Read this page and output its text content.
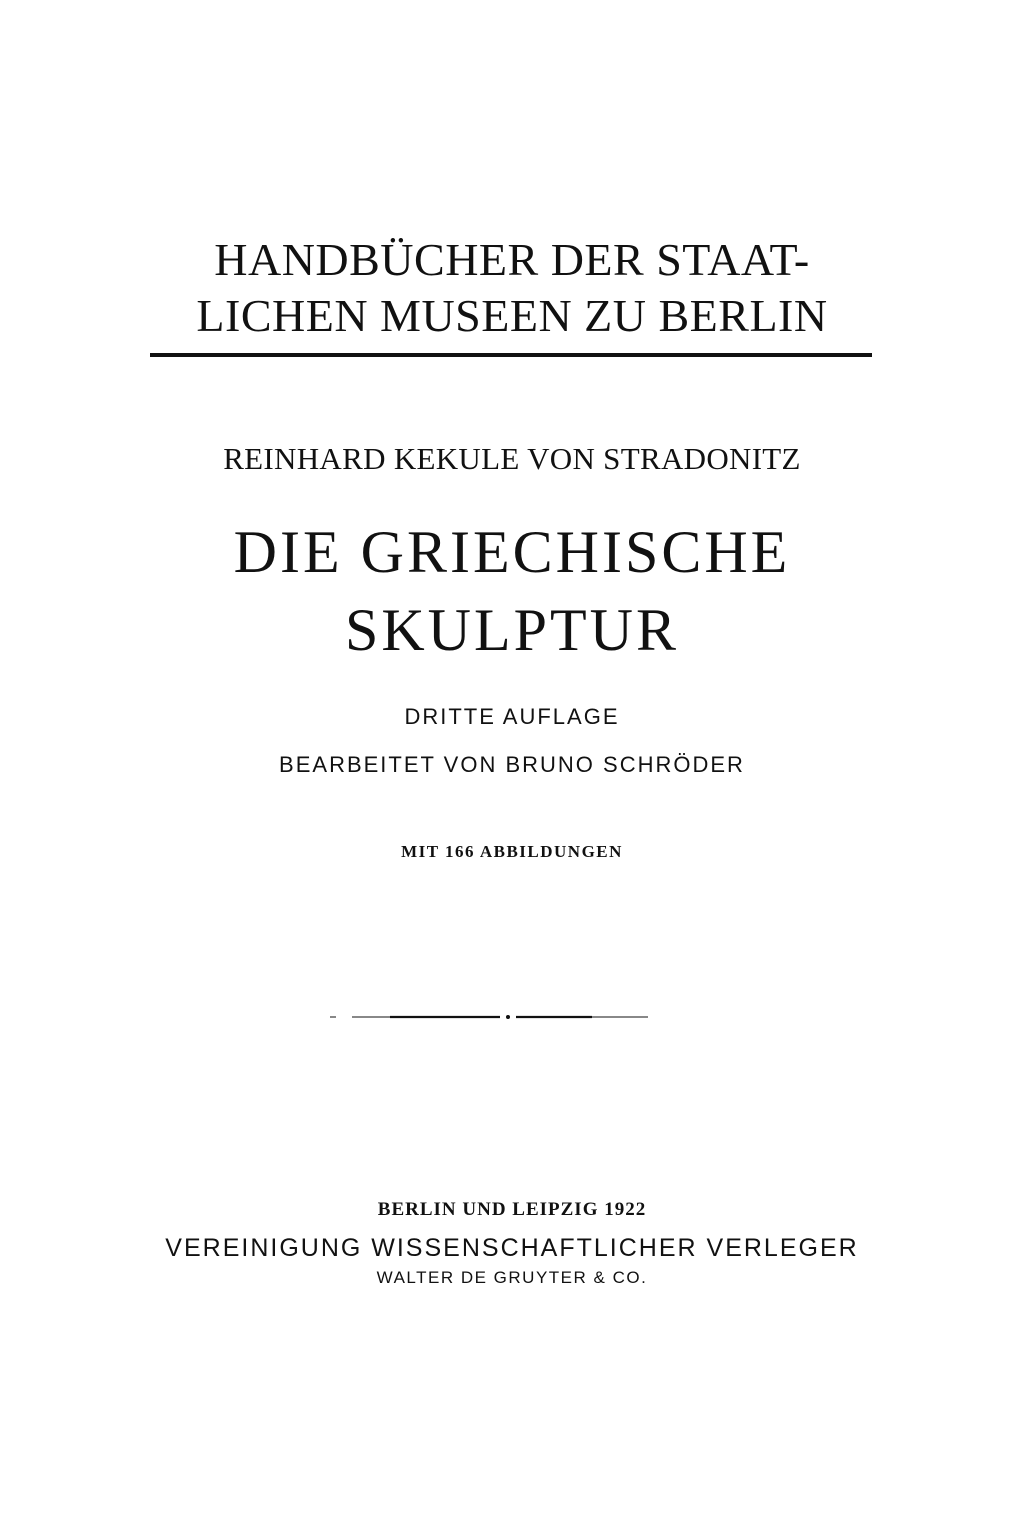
HANDBÜCHER DER STAAT-
LICHEN MUSEEN ZU BERLIN
REINHARD KEKULE VON STRADONITZ
DIE GRIECHISCHE
SKULPTUR
DRITTE AUFLAGE
BEARBEITET VON BRUNO SCHRÖDER
MIT 166 ABBILDUNGEN
BERLIN UND LEIPZIG 1922
VEREINIGUNG WISSENSCHAFTLICHER VERLEGER
WALTER DE GRUYTER & CO.
